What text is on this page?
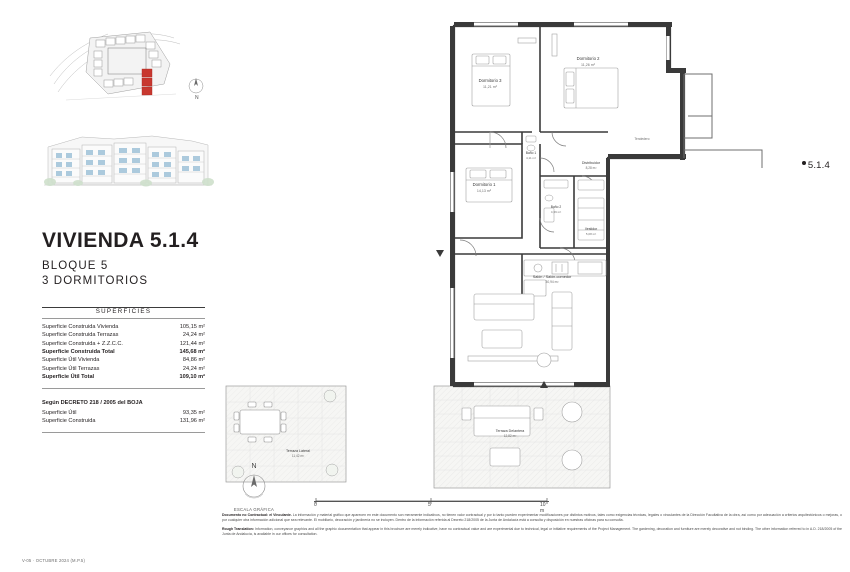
N
VIVIENDA 5.1.4
BLOQUE 5
3 DORMITORIOS
SUPERFICIES
Superficie Construida Vivienda	105,15 m²
Superficie Construida Terrazas	24,24 m²
Superficie Construida + Z.Z.C.C.	121,44 m²
Superficie Construida Total	145,68 m²
Superficie Útil Vivienda	84,86 m²
Superficie Útil Terrazas	24,24 m²
Superficie Útil Total	109,10 m²
Según DECRETO 218 / 2005 del BOJA
Superficie Útil	93,35 m²
Superficie Construida	131,96 m²
V-05 · OCTUBRE 2024 (M.P.5)
Dormitorio 3
11,21 m²
Dormitorio 2
11,26 m²
Dormitorio 1
14,13 m²
Baño 1
4,11 m²
Baño 2
4,39 m²
Distribuidor
8,28 m²
Vestidor
5,08 m²
Salón / Salón-comedor
30,94 m²
Terraza Delantera
12,82 m²
Terraza Lateral
11,42 m²
Tendedero
5.1.4
N
ESCALA GRÁFICA
0	5	10 m

Documento no Contractual: el Vinculante. La información y material gráfico que aparecen en este documento son meramente indicativos, no tienen valor contractual y por lo tanto pueden experimentar modificaciones por distintos motivos, tales como exigencias técnicas, legales o vinculantes de la Dirección Facultativa de la obra, así como por adecuación a criterios arquitectónicos o mejoras, o por cualquier otra información adicional que sea relevante. El mobiliario, decoración y jardinería no se incluyen. Dentro de la información referida al Decreto 218/2005 de la Junta de Andalucía está a consulta y disposición en nuestras oficinas para su consulta.

Rough Translation: Information, conveyance graphics and all the graphic documentation that appear in this brochure are merely indicative, have no contractual value and are experimental due to technical, legal or initiative requirements of the Project Management. The gardening, decoration and furniture are merely decorative and not binding. The other information referred to in A.D. 218/2005 of the Junta de Andalucía, is available in our offices for consultation.
